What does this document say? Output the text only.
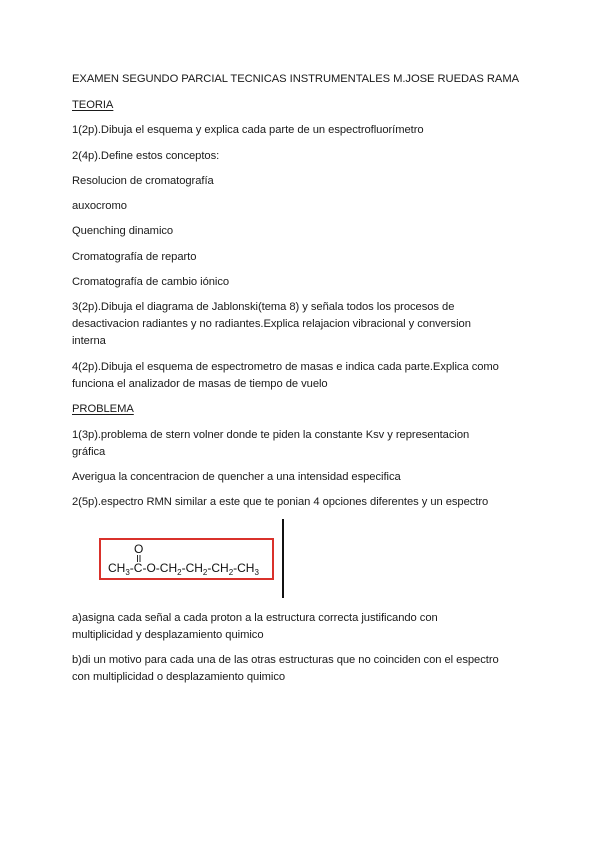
EXAMEN SEGUNDO PARCIAL TECNICAS INSTRUMENTALES M.JOSE RUEDAS RAMA
TEORIA
1(2p).Dibuja el esquema y explica cada parte de un espectrofluorímetro
2(4p).Define estos conceptos:
Resolucion de cromatografía
auxocromo
Quenching dinamico
Cromatografía de reparto
Cromatografía de cambio iónico
3(2p).Dibuja el diagrama de Jablonski(tema 8) y señala todos los procesos de
desactivacion radiantes y no radiantes.Explica relajacion vibracional y conversion
interna
4(2p).Dibuja el esquema de espectrometro de masas e indica cada parte.Explica como
funciona el analizador de masas de tiempo de vuelo
PROBLEMA
1(3p).problema de stern volner donde te piden la constante Ksv y representacion
gráfica
Averigua la concentracion de quencher a una intensidad especifica
2(5p).espectro RMN similar a este que te ponian 4 opciones diferentes y un espectro
O
$CH_3-C-O-CH_2-CH_2-CH_2-CH_3$
a)asigna cada señal a cada proton a la estructura correcta justificando con
multiplicidad y desplazamiento quimico
b)di un motivo para cada una de las otras estructuras que no coinciden con el espectro
con multiplicidad o desplazamiento quimico
